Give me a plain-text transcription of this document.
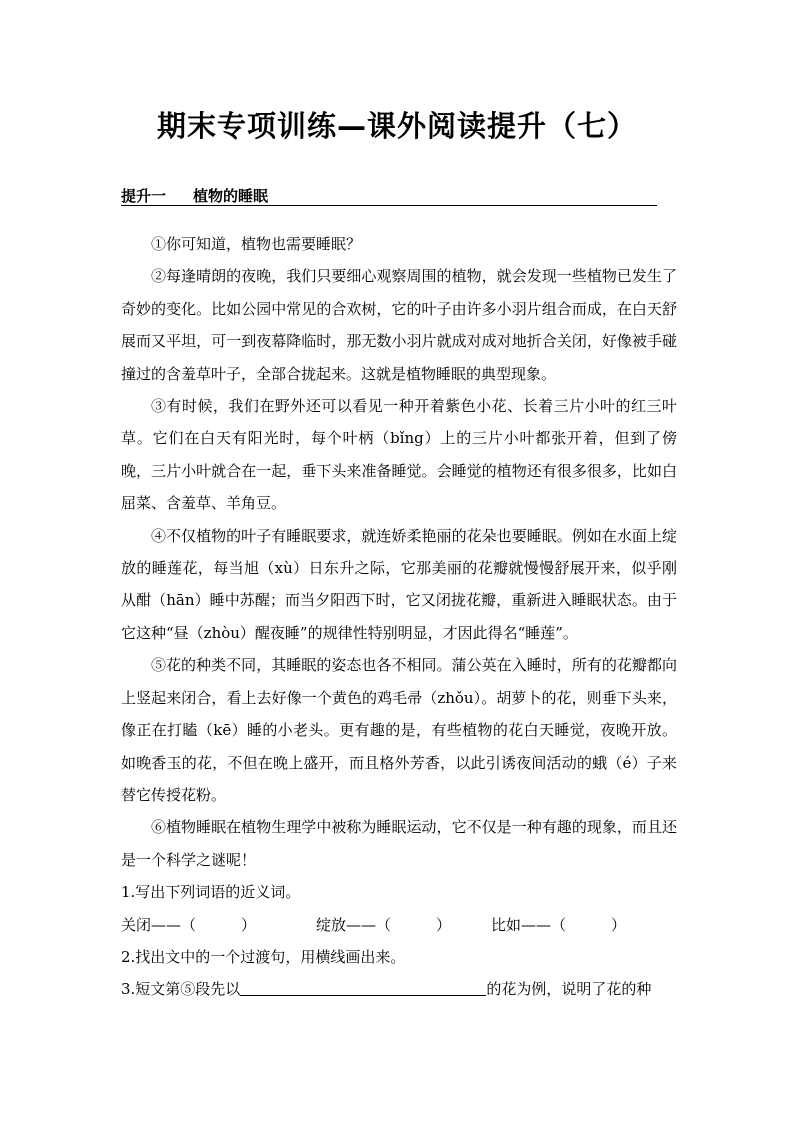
期末专项训练—课外阅读提升（七）
提升一 植物的睡眠

①你可知道，植物也需要睡眠？

②每逢晴朗的夜晚，我们只要细心观察周围的植物，就会发现一些植物已发生了奇妙的变化。比如公园中常见的合欢树，它的叶子由许多小羽片组合而成，在白天舒展而又平坦，可一到夜幕降临时，那无数小羽片就成对成对地折合关闭，好像被手碰撞过的含羞草叶子，全部合拢起来。这就是植物睡眠的典型现象。

③有时候，我们在野外还可以看见一种开着紫色小花、长着三片小叶的红三叶草。它们在白天有阳光时，每个叶柄（bǐng）上的三片小叶都张开着，但到了傍晚，三片小叶就合在一起，垂下头来准备睡觉。会睡觉的植物还有很多很多，比如白屈菜、含羞草、羊角豆。

④不仅植物的叶子有睡眠要求，就连娇柔艳丽的花朵也要睡眠。例如在水面上绽放的睡莲花，每当旭（xù）日东升之际，它那美丽的花瓣就慢慢舒展开来，似乎刚从酣（hān）睡中苏醒；而当夕阳西下时，它又闭拢花瓣，重新进入睡眠状态。由于它这种“昼（zhòu）醒夜睡”的规律性特别明显，才因此得名“睡莲”。

⑤花的种类不同，其睡眠的姿态也各不相同。蒲公英在入睡时，所有的花瓣都向上竖起来闭合，看上去好像一个黄色的鸡毛帚（zhǒu）。胡萝卜的花，则垂下头来，像正在打瞌（kē）睡的小老头。更有趣的是，有些植物的花白天睡觉，夜晚开放。如晚香玉的花，不但在晚上盛开，而且格外芳香，以此引诱夜间活动的蛾（é）子来替它传授花粉。

⑥植物睡眠在植物生理学中被称为睡眠运动，它不仅是一种有趣的现象，而且还是一个科学之谜呢！

1.写出下列词语的近义词。

关闭——（　　　）	绽放——（　　　）	比如——（　　　）

2.找出文中的一个过渡句，用横线画出来。

3.短文第⑤段先以	的花为例，说明了花的种
